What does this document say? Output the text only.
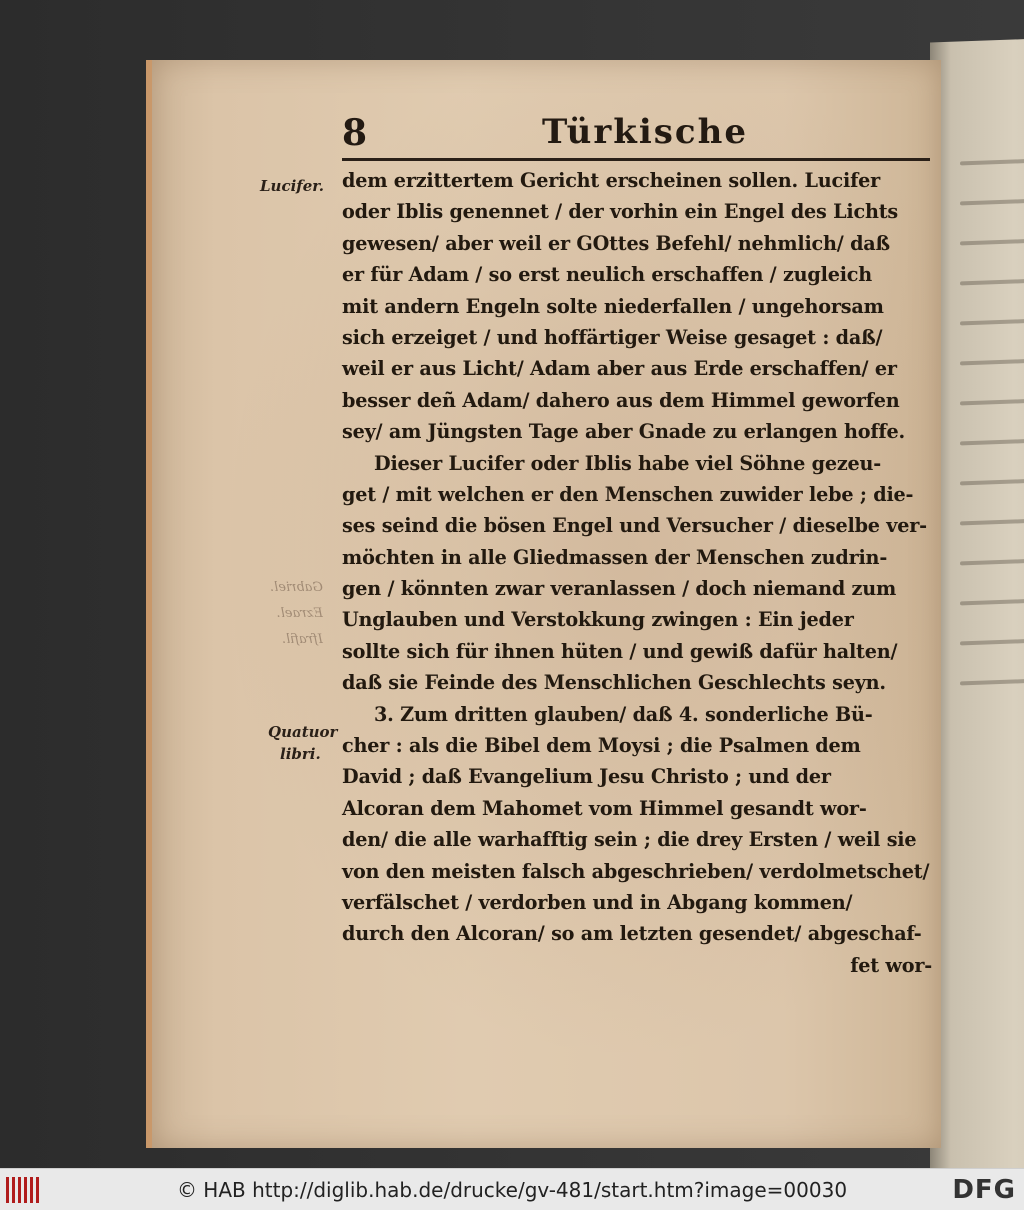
8	Türkische
Lucifer.
Quatuor
libri.
Gabriel.
Ezrael.
Ifrafil.
dem erzittertem Gericht erscheinen sollen. Lucifer
oder Iblis genennet / der vorhin ein Engel des Lichts
gewesen/ aber weil er GOttes Befehl/ nehmlich/ daß
er für Adam / so erst neulich erschaffen / zugleich
mit andern Engeln solte niederfallen / ungehorsam
sich erzeiget / und hoffärtiger Weise gesaget : daß/
weil er aus Licht/ Adam aber aus Erde erschaffen/ er
besser deñ Adam/ dahero aus dem Himmel geworfen
sey/ am Jüngsten Tage aber Gnade zu erlangen hoffe.
Dieser Lucifer oder Iblis habe viel Söhne gezeu-
get / mit welchen er den Menschen zuwider lebe ; die-
ses seind die bösen Engel und Versucher / dieselbe ver-
möchten in alle Gliedmassen der Menschen zudrin-
gen / könnten zwar veranlassen / doch niemand zum
Unglauben und Verstokkung zwingen : Ein jeder
sollte sich für ihnen hüten / und gewiß dafür halten/
daß sie Feinde des Menschlichen Geschlechts seyn.
3. Zum dritten glauben/ daß 4. sonderliche Bü-
cher : als die Bibel dem Moysi ; die Psalmen dem
David ; daß Evangelium Jesu Christo ; und der
Alcoran dem Mahomet vom Himmel gesandt wor-
den/ die alle warhafftig sein ; die drey Ersten / weil sie
von den meisten falsch abgeschrieben/ verdolmetschet/
verfälschet / verdorben und in Abgang kommen/
durch den Alcoran/ so am letzten gesendet/ abgeschaf-
fet wor-
© HAB http://diglib.hab.de/drucke/gv-481/start.htm?image=00030	DFG
